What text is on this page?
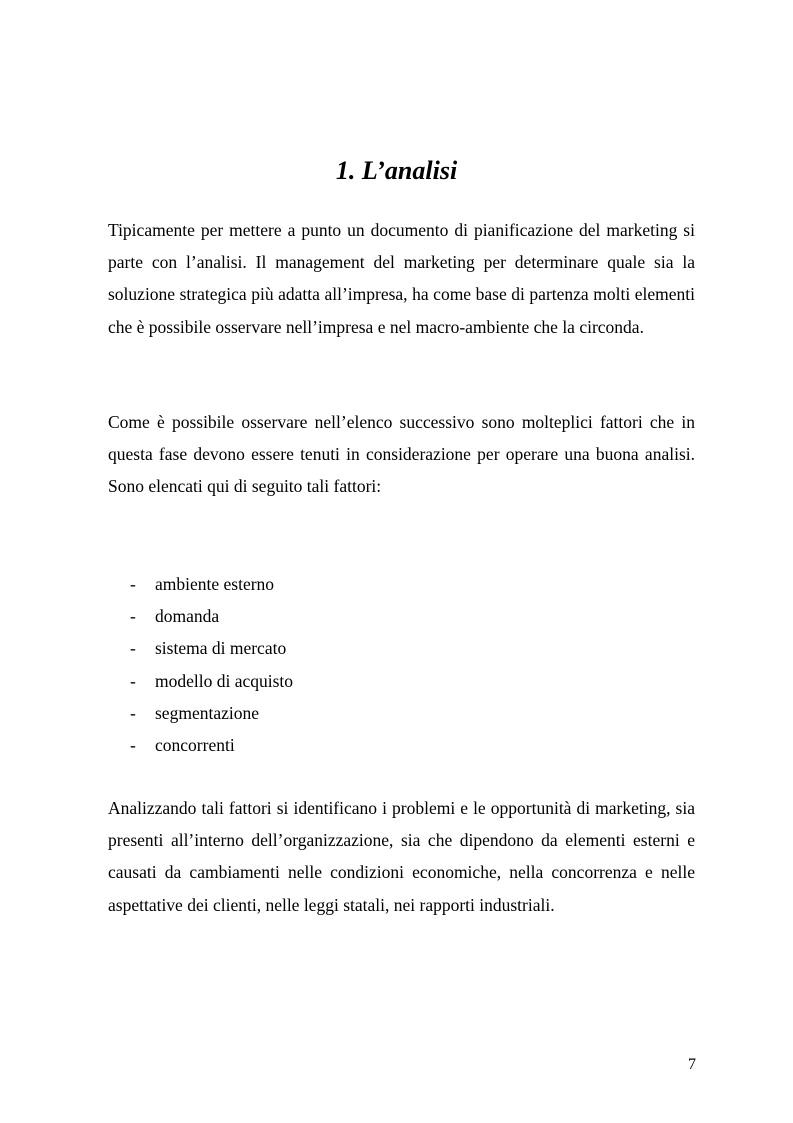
1. L’analisi

Tipicamente per mettere a punto un documento di pianificazione del marketing si parte con l’analisi. Il management del marketing per determinare quale sia la soluzione strategica più adatta all’impresa, ha come base di partenza molti elementi che è possibile osservare nell’impresa e nel macro-ambiente che la circonda.

Come è possibile osservare nell’elenco successivo sono molteplici fattori che in questa fase devono essere tenuti in considerazione per operare una buona analisi. Sono elencati qui di seguito tali fattori:

- ambiente esterno
- domanda
- sistema di mercato
- modello di acquisto
- segmentazione
- concorrenti

Analizzando tali fattori si identificano i problemi e le opportunità di marketing, sia presenti all’interno dell’organizzazione, sia che dipendono da elementi esterni e causati da cambiamenti nelle condizioni economiche, nella concorrenza e nelle aspettative dei clienti, nelle leggi statali, nei rapporti industriali.

7
